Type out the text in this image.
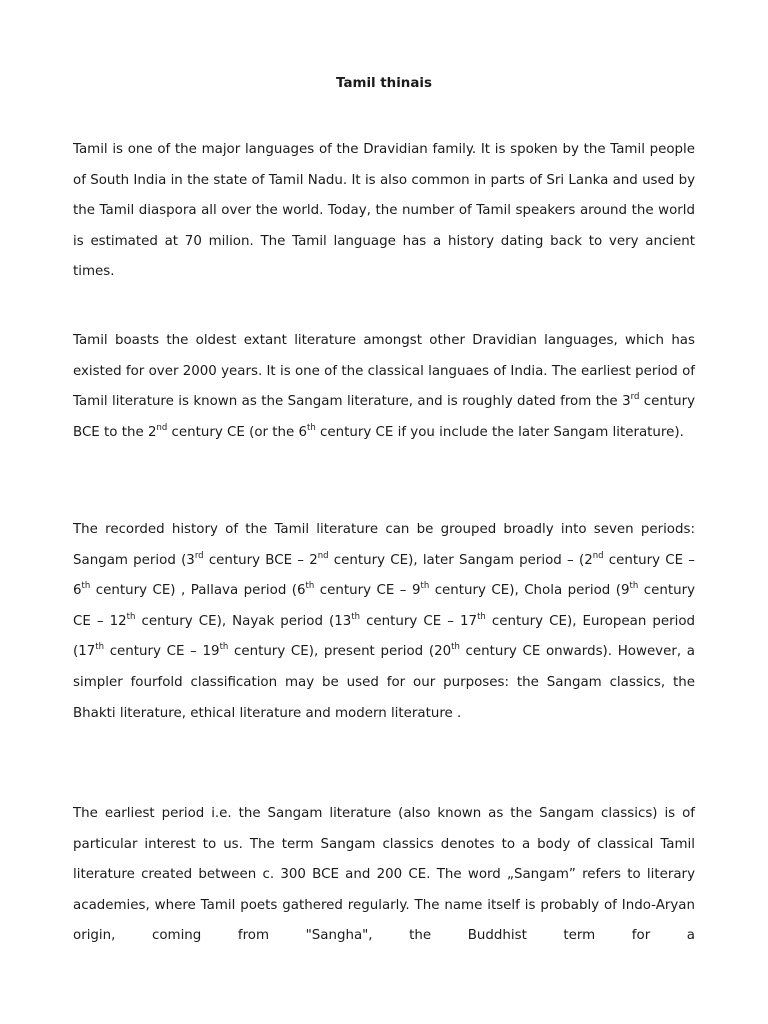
Tamil thinais

Tamil is one of the major languages of the Dravidian family. It is spoken by the Tamil people of South India in the state of Tamil Nadu. It is also common in parts of Sri Lanka and used by the Tamil diaspora all over the world. Today, the number of Tamil speakers around the world is estimated at 70 milion. The Tamil language has a history dating back to very ancient times.

Tamil boasts the oldest extant literature amongst other Dravidian languages, which has existed for over 2000 years. It is one of the classical languaes of India. The earliest period of Tamil literature is known as the Sangam literature, and is roughly dated from the 3rd century BCE to the 2nd century CE (or the 6th century CE if you include the later Sangam literature).

The recorded history of the Tamil literature can be grouped broadly into seven periods: Sangam period (3rd century BCE – 2nd century CE), later Sangam period – (2nd century CE – 6th century CE) , Pallava period (6th century CE – 9th century CE), Chola period (9th century CE – 12th century CE), Nayak period (13th century CE – 17th century CE), European period (17th century CE – 19th century CE), present period (20th century CE onwards). However, a simpler fourfold classification may be used for our purposes: the Sangam classics, the Bhakti literature, ethical literature and modern literature .

The earliest period i.e. the Sangam literature (also known as the Sangam classics) is of particular interest to us. The term Sangam classics denotes to a body of classical Tamil literature created between c. 300 BCE and 200 CE. The word „Sangam” refers to literary academies, where Tamil poets gathered regularly. The name itself is probably of Indo-Aryan origin, coming from "Sangha", the Buddhist term for a
